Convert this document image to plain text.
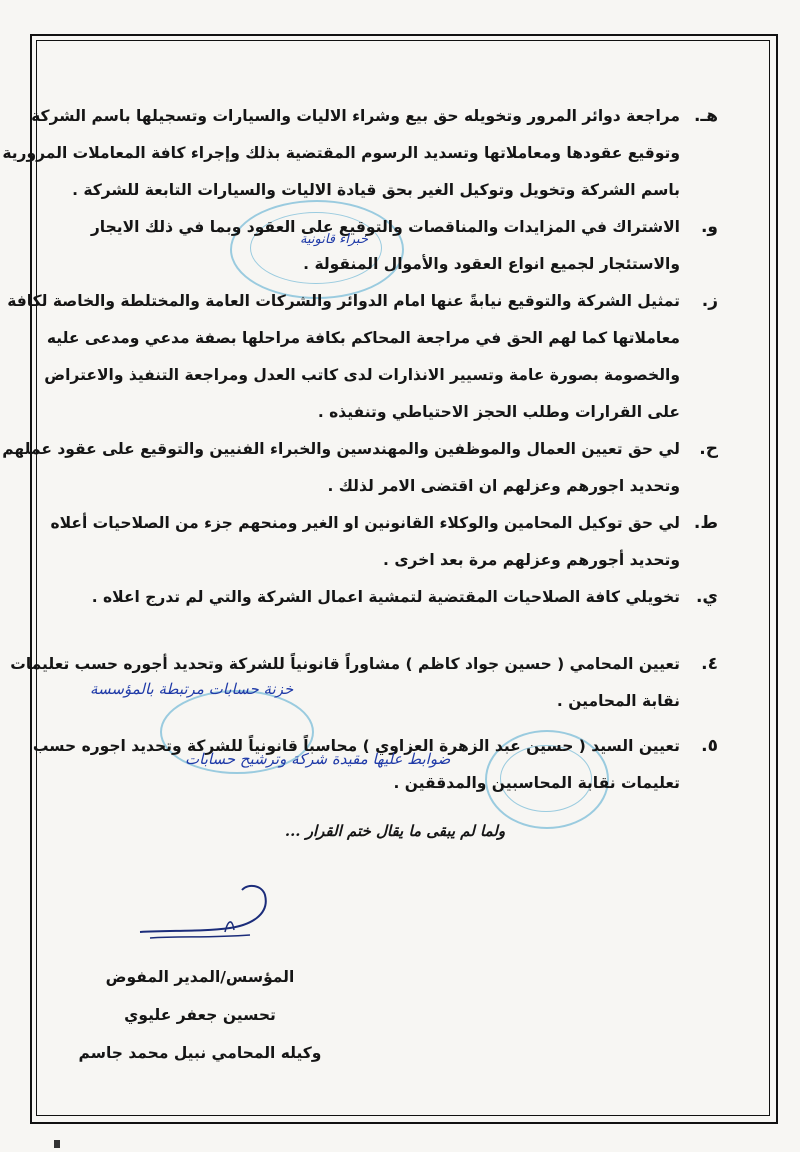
هـ.
مراجعة دوائر المرور وتخويله حق بيع وشراء الاليات والسيارات وتسجيلها باسم الشركة
وتوقيع عقودها ومعاملاتها وتسديد الرسوم المقتضية بذلك وإجراء كافة المعاملات المرورية
باسم الشركة وتخويل وتوكيل الغير بحق قيادة الاليات والسيارات التابعة للشركة .
و.
الاشتراك في المزايدات والمناقصات والتوقيع على العقود وبما في ذلك الايجار
والاستئجار لجميع انواع العقود والأموال المنقولة .
ز.
تمثيل الشركة والتوقيع نيابةً عنها امام الدوائر والشركات العامة والمختلطة والخاصة لكافة
معاملاتها كما لهم الحق في مراجعة المحاكم بكافة مراحلها بصفة مدعي ومدعى عليه
والخصومة بصورة عامة وتسيير الانذارات لدى كاتب العدل ومراجعة التنفيذ والاعتراض
على القرارات وطلب الحجز الاحتياطي وتنفيذه .
ح.
لي حق تعيين العمال والموظفين والمهندسين والخبراء الفنيين والتوقيع على عقود عملهم
وتحديد اجورهم وعزلهم ان اقتضى الامر لذلك .
ط.
لي حق توكيل المحامين والوكلاء القانونين او الغير ومنحهم جزء من الصلاحيات أعلاه
وتحديد أجورهم وعزلهم مرة بعد اخرى .
ي.
تخويلي كافة الصلاحيات المقتضية لتمشية اعمال الشركة والتي لم تدرج اعلاه .
٤.
تعيين المحامي ( حسين جواد كاظم ) مشاوراً قانونياً للشركة وتحديد أجوره حسب تعليمات
نقابة المحامين .
٥.
تعيين السيد ( حسين عبد الزهرة العزاوي ) محاسباً قانونياً للشركة وتحديد اجوره حسب
تعليمات نقابة المحاسبين والمدققين .
ولما لم يبقى ما يقال ختم القرار ...
خبراء قانونية
خزنة حسابات مرتبطة بالمؤسسة
ضوابط عليها مقيدة شركة وترشيح حسابات
المؤسس/المدير المفوض
تحسين جعفر عليوي
وكيله المحامي نبيل محمد جاسم
